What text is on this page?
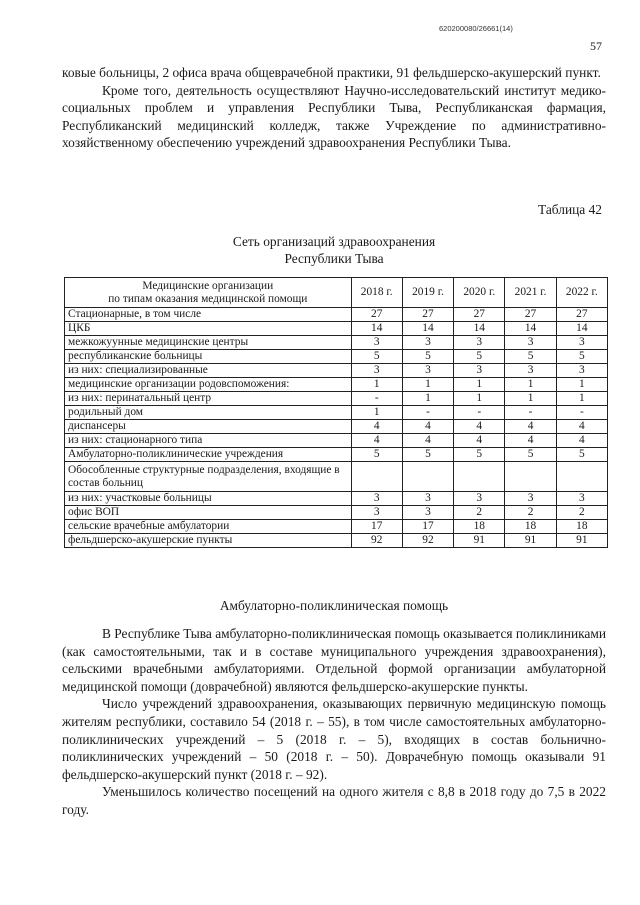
620200080/26661(14)
57

ковые больницы, 2 офиса врача общеврачебной практики, 91 фельдшерско-акушерский пункт.

Кроме того, деятельность осуществляют Научно-исследовательский институт медико-социальных проблем и управления Республики Тыва, Республиканская фармация, Республиканский медицинский колледж, также Учреждение по административно-хозяйственному обеспечению учреждений здравоохранения Республики Тыва.

Таблица 42
Сеть организаций здравоохранения
Республики Тыва
Медицинские организации
по типам оказания медицинской помощи	2018 г.	2019 г.	2020 г.	2021 г.	2022 г.
Стационарные, в том числе	27	27	27	27	27
ЦКБ	14	14	14	14	14
межкожуунные медицинские центры	3	3	3	3	3
республиканские больницы	5	5	5	5	5
из них: специализированные	3	3	3	3	3
медицинские организации родовспоможения:	1	1	1	1	1
из них: перинатальный центр	-	1	1	1	1
родильный дом	1	-	-	-	-
диспансеры	4	4	4	4	4
из них: стационарного типа	4	4	4	4	4
Амбулаторно-поликлинические учреждения	5	5	5	5	5
Обособленные структурные подразделения, входящие в состав больниц					
из них: участковые больницы	3	3	3	3	3
офис ВОП	3	3	2	2	2
сельские врачебные амбулатории	17	17	18	18	18
фельдшерско-акушерские пункты	92	92	91	91	91
Амбулаторно-поликлиническая помощь

В Республике Тыва амбулаторно-поликлиническая помощь оказывается поликлиниками (как самостоятельными, так и в составе муниципального учреждения здравоохранения), сельскими врачебными амбулаториями. Отдельной формой организации амбулаторной медицинской помощи (доврачебной) являются фельдшерско-акушерские пункты.

Число учреждений здравоохранения, оказывающих первичную медицинскую помощь жителям республики, составило 54 (2018 г. – 55), в том числе самостоятельных амбулаторно-поликлинических учреждений – 5 (2018 г. – 5), входящих в состав больнично-поликлинических учреждений – 50 (2018 г. – 50). Доврачебную помощь оказывали 91 фельдшерско-акушерский пункт (2018 г. – 92).

Уменьшилось количество посещений на одного жителя с 8,8 в 2018 году до 7,5 в 2022 году.
